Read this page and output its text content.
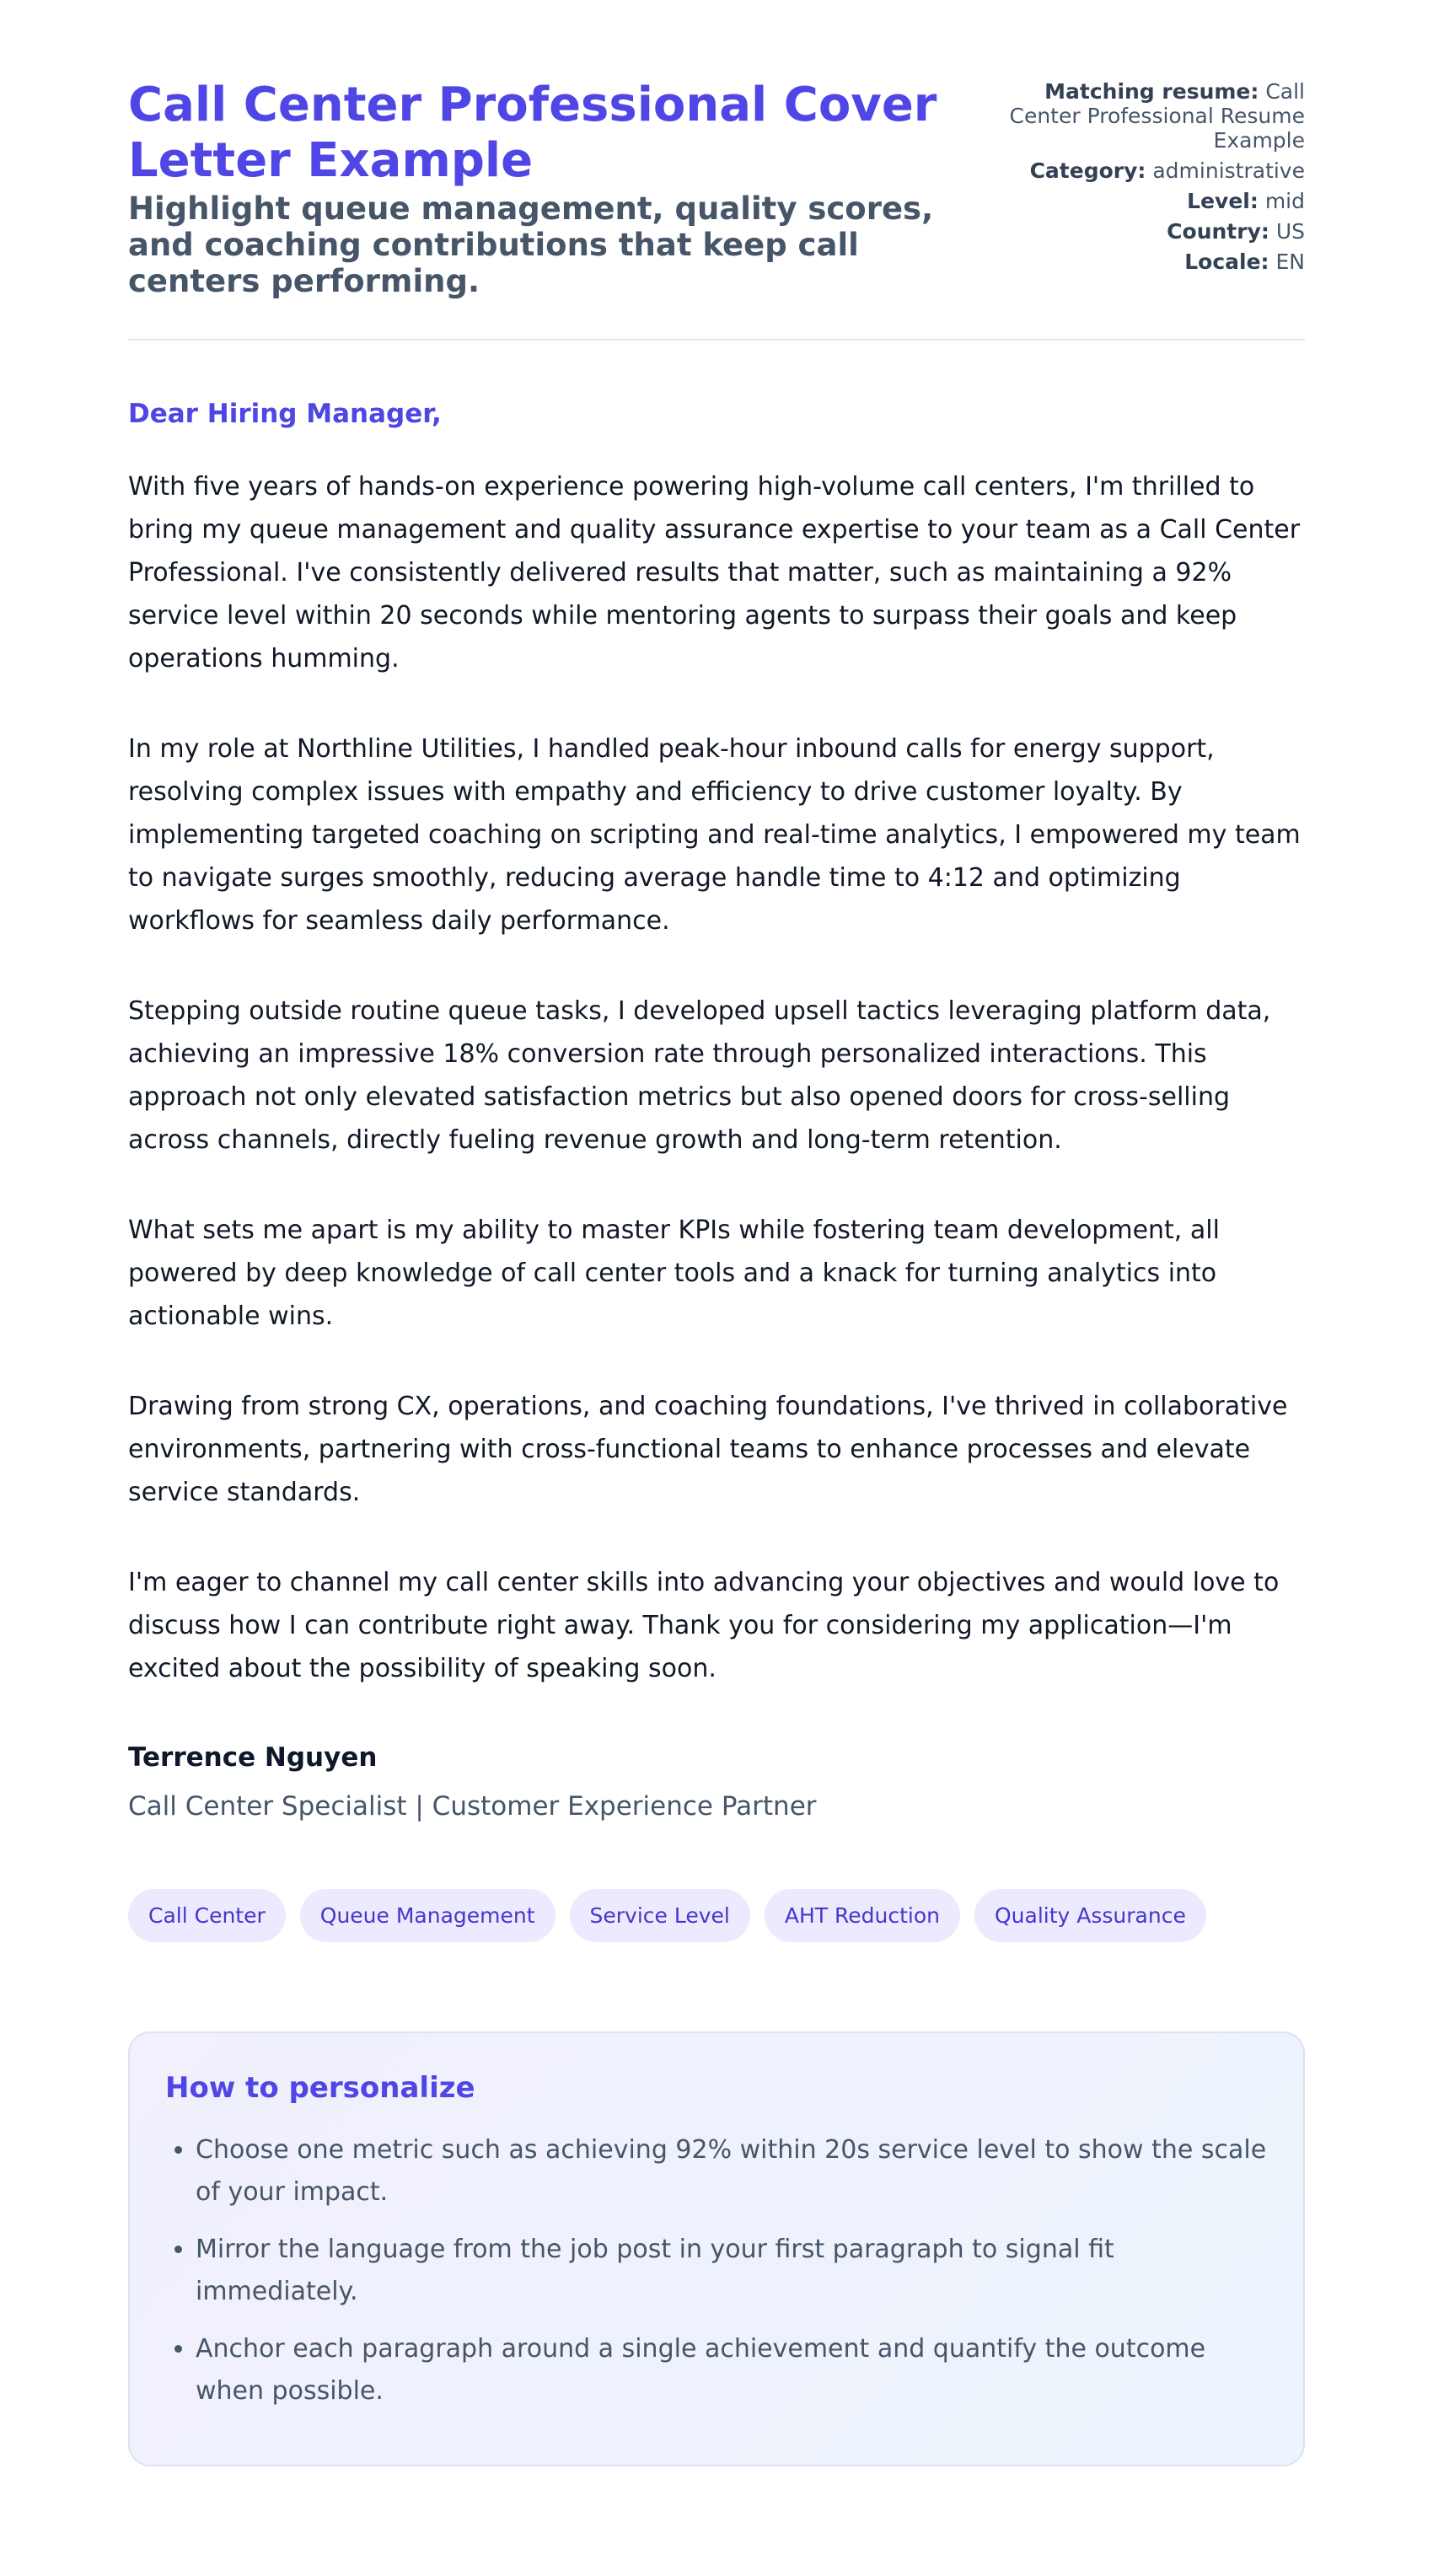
Call Center Professional Cover Letter Example
Highlight queue management, quality scores, and coaching contributions that keep call centers performing.
Matching resume: Call Center Professional Resume Example
Category: administrative
Level: mid
Country: US
Locale: EN

Dear Hiring Manager,

With five years of hands-on experience powering high-volume call centers, I'm thrilled to bring my queue management and quality assurance expertise to your team as a Call Center Professional. I've consistently delivered results that matter, such as maintaining a 92% service level within 20 seconds while mentoring agents to surpass their goals and keep operations humming.

In my role at Northline Utilities, I handled peak-hour inbound calls for energy support, resolving complex issues with empathy and efficiency to drive customer loyalty. By implementing targeted coaching on scripting and real-time analytics, I empowered my team to navigate surges smoothly, reducing average handle time to 4:12 and optimizing workflows for seamless daily performance.

Stepping outside routine queue tasks, I developed upsell tactics leveraging platform data, achieving an impressive 18% conversion rate through personalized interactions. This approach not only elevated satisfaction metrics but also opened doors for cross-selling across channels, directly fueling revenue growth and long-term retention.

What sets me apart is my ability to master KPIs while fostering team development, all powered by deep knowledge of call center tools and a knack for turning analytics into actionable wins.

Drawing from strong CX, operations, and coaching foundations, I've thrived in collaborative environments, partnering with cross-functional teams to enhance processes and elevate service standards.

I'm eager to channel my call center skills into advancing your objectives and would love to discuss how I can contribute right away. Thank you for considering my application—I'm excited about the possibility of speaking soon.

Terrence Nguyen
Call Center Specialist | Customer Experience Partner
Call Center	Queue Management	Service Level	AHT Reduction	Quality Assurance
How to personalize
• Choose one metric such as achieving 92% within 20s service level to show the scale of your impact.
• Mirror the language from the job post in your first paragraph to signal fit immediately.
• Anchor each paragraph around a single achievement and quantify the outcome when possible.
